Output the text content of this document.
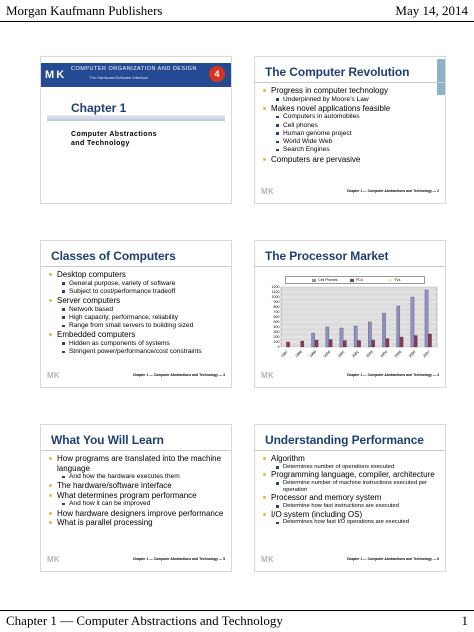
Morgan Kaufmann Publishers	May 14, 2014
M K COMPUTER ORGANIZATION AND DESIGN
The Hardware/Software Interface	4
Chapter 1
Computer Abstractions
and Technology
The Computer Revolution
Progress in computer technology
Underpinned by Moore’s Law
Makes novel applications feasible
Computers in automobiles
Cell phones
Human genome project
World Wide Web
Search Engines
Computers are pervasive
M K	Chapter 1 — Computer Abstractions and Technology — 2
Classes of Computers
Desktop computers
General purpose, variety of software
Subject to cost/performance tradeoff
Server computers
Network based
High capacity, performance, reliability
Range from small servers to building sized
Embedded computers
Hidden as components of systems
Stringent power/performance/cost constraints
M K	Chapter 1 — Computer Abstractions and Technology — 3
The Processor Market
Cell Phones	PCs	TVs
1200
1100
1000
900
800
700
600
500
400
300
200
100
0
1997 1998 1999 2000 2001 2002 2003 2004 2005 2006 2007
M K	Chapter 1 — Computer Abstractions and Technology — 4
What You Will Learn
How programs are translated into the machine language
And how the hardware executes them
The hardware/software interface
What determines program performance
And how it can be improved
How hardware designers improve performance
What is parallel processing
M K	Chapter 1 — Computer Abstractions and Technology — 5
Understanding Performance
Algorithm
Determines number of operations executed
Programming language, compiler, architecture
Determine number of machine instructions executed per operation
Processor and memory system
Determine how fast instructions are executed
I/O system (including OS)
Determines how fast I/O operations are executed
M K	Chapter 1 — Computer Abstractions and Technology — 6
Chapter 1 — Computer Abstractions and Technology	1
